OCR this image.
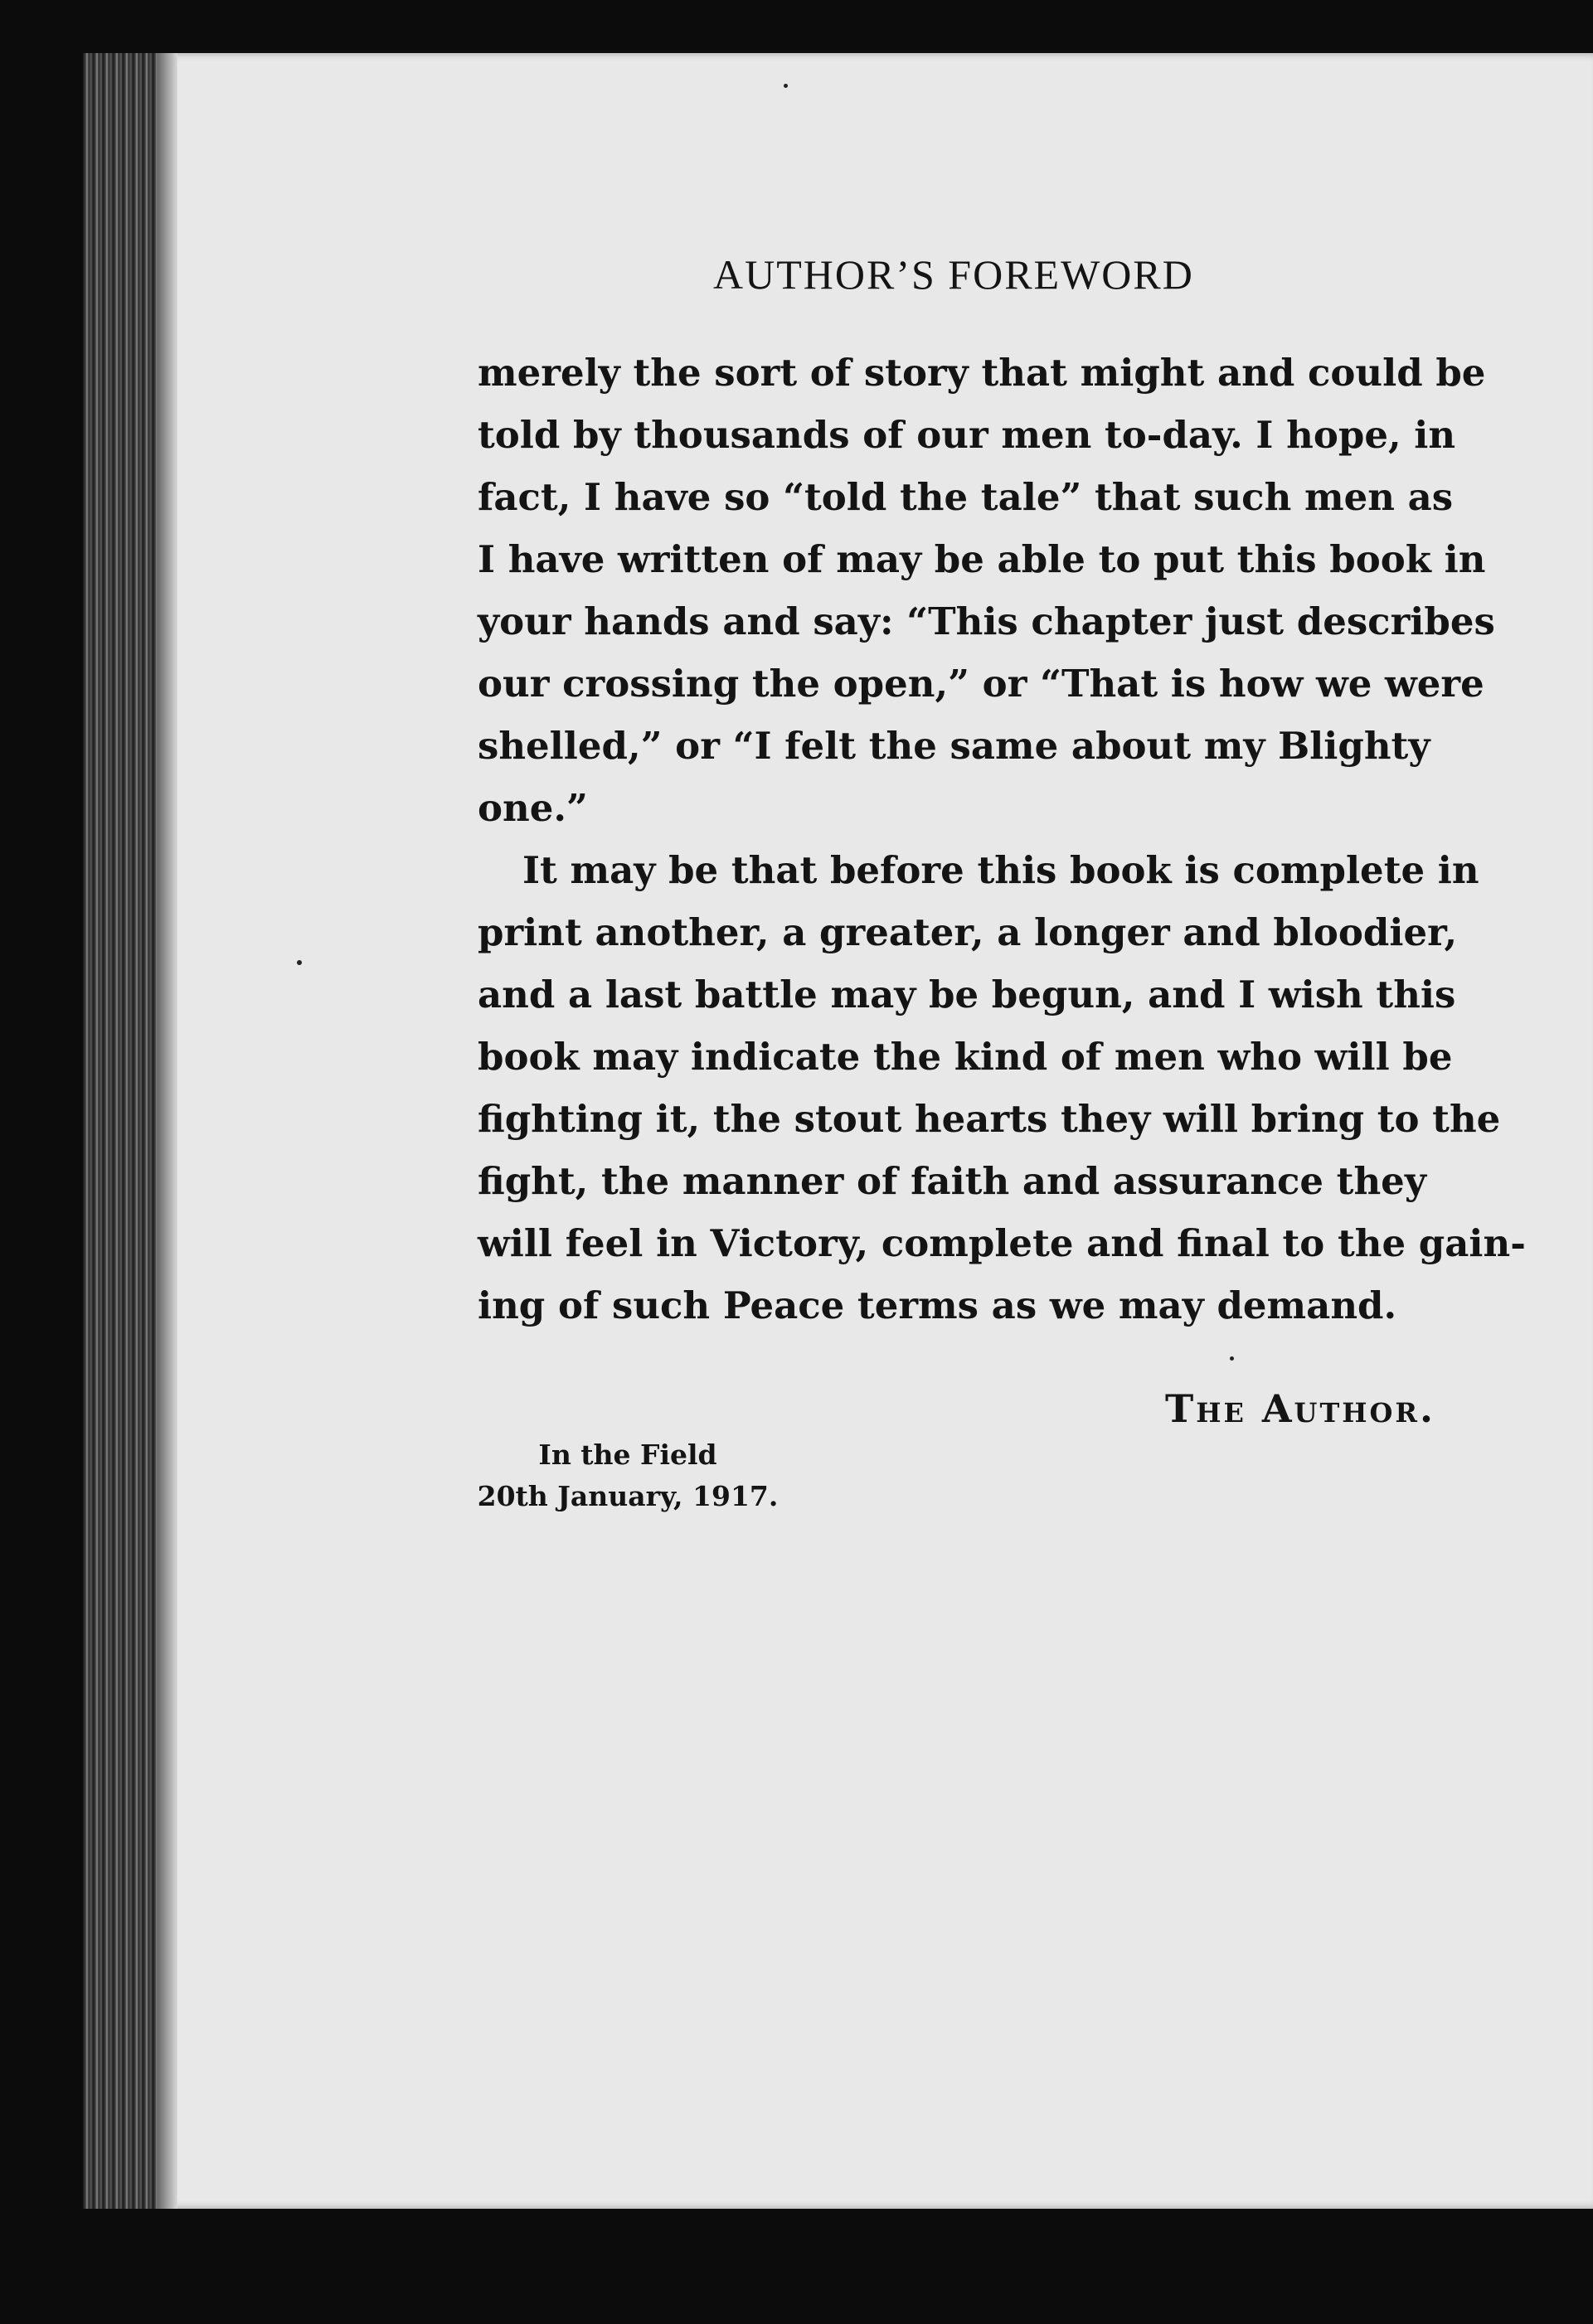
AUTHOR’S FOREWORD
merely the sort of story that might and could be
told by thousands of our men to-day. I hope, in
fact, I have so “told the tale” that such men as
I have written of may be able to put this book in
your hands and say: “This chapter just describes
our crossing the open,” or “That is how we were
shelled,” or “I felt the same about my Blighty
one.”
It may be that before this book is complete in
print another, a greater, a longer and bloodier,
and a last battle may be begun, and I wish this
book may indicate the kind of men who will be
fighting it, the stout hearts they will bring to the
fight, the manner of faith and assurance they
will feel in Victory, complete and final to the gain-
ing of such Peace terms as we may demand.
The Author.
In the Field
20th January, 1917.
